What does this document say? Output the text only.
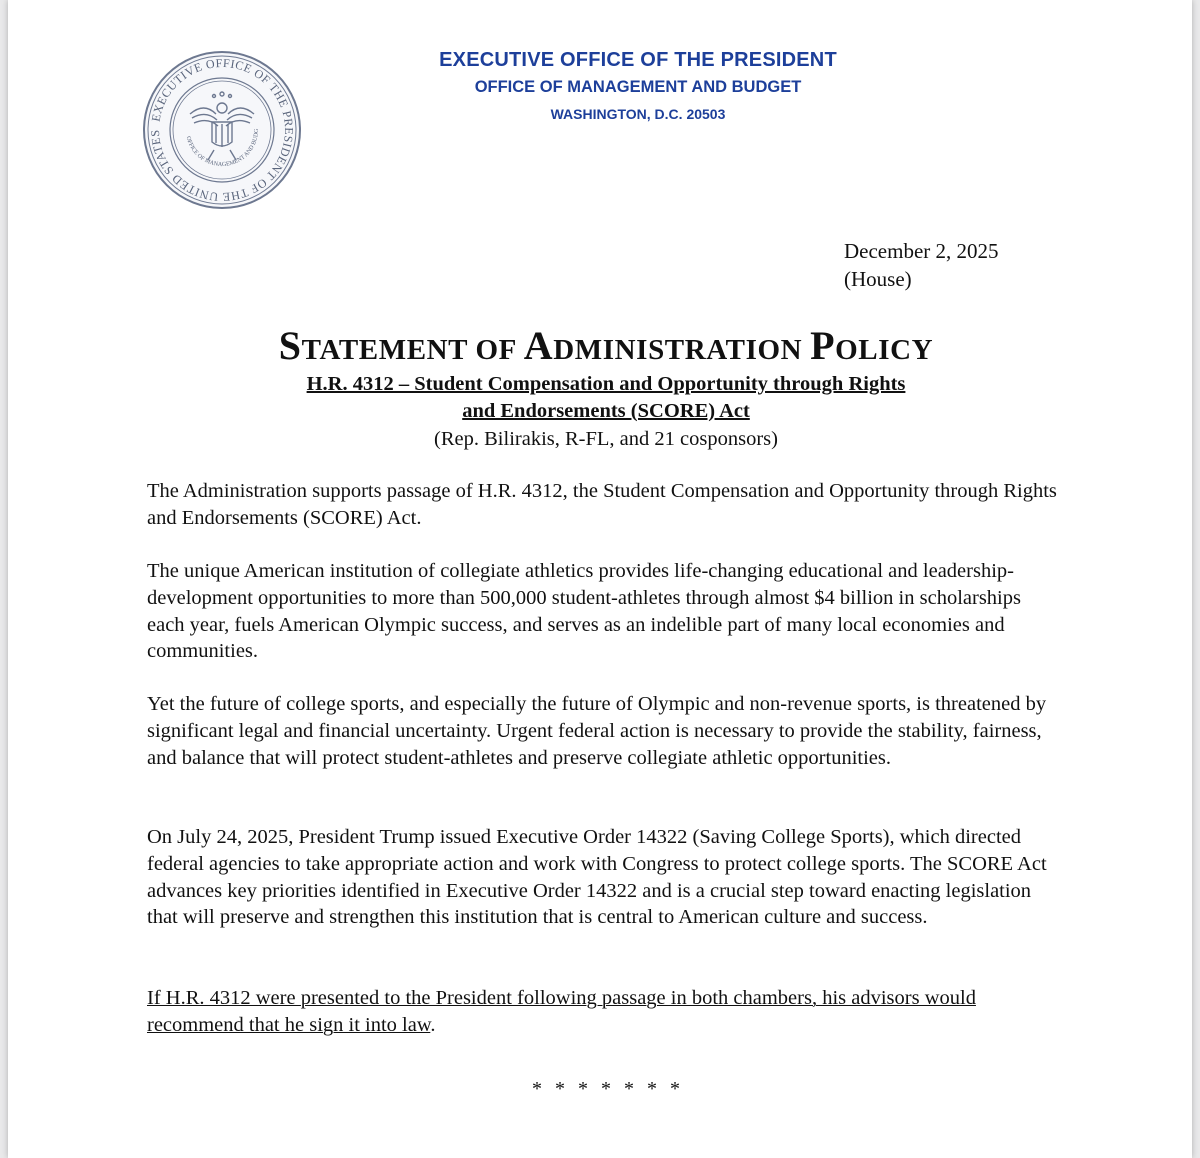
EXECUTIVE OFFICE OF THE PRESIDENT OF THE UNITED STATES
OFFICE OF MANAGEMENT AND BUDG
EXECUTIVE OFFICE OF THE PRESIDENT
OFFICE OF MANAGEMENT AND BUDGET
WASHINGTON, D.C. 20503
December 2, 2025
(House)
STATEMENT OF ADMINISTRATION POLICY
H.R. 4312 – Student Compensation and Opportunity through Rights
and Endorsements (SCORE) Act
(Rep. Bilirakis, R-FL, and 21 cosponsors)
The Administration supports passage of H.R. 4312, the Student Compensation and Opportunity through Rights and Endorsements (SCORE) Act.
The unique American institution of collegiate athletics provides life-changing educational and leadership-development opportunities to more than 500,000 student-athletes through almost $4 billion in scholarships each year, fuels American Olympic success, and serves as an indelible part of many local economies and communities.
Yet the future of college sports, and especially the future of Olympic and non-revenue sports, is threatened by significant legal and financial uncertainty. Urgent federal action is necessary to provide the stability, fairness, and balance that will protect student-athletes and preserve collegiate athletic opportunities.
On July 24, 2025, President Trump issued Executive Order 14322 (Saving College Sports), which directed federal agencies to take appropriate action and work with Congress to protect college sports. The SCORE Act advances key priorities identified in Executive Order 14322 and is a crucial step toward enacting legislation that will preserve and strengthen this institution that is central to American culture and success.
If H.R. 4312 were presented to the President following passage in both chambers, his advisors would recommend that he sign it into law.
* * * * * * *
